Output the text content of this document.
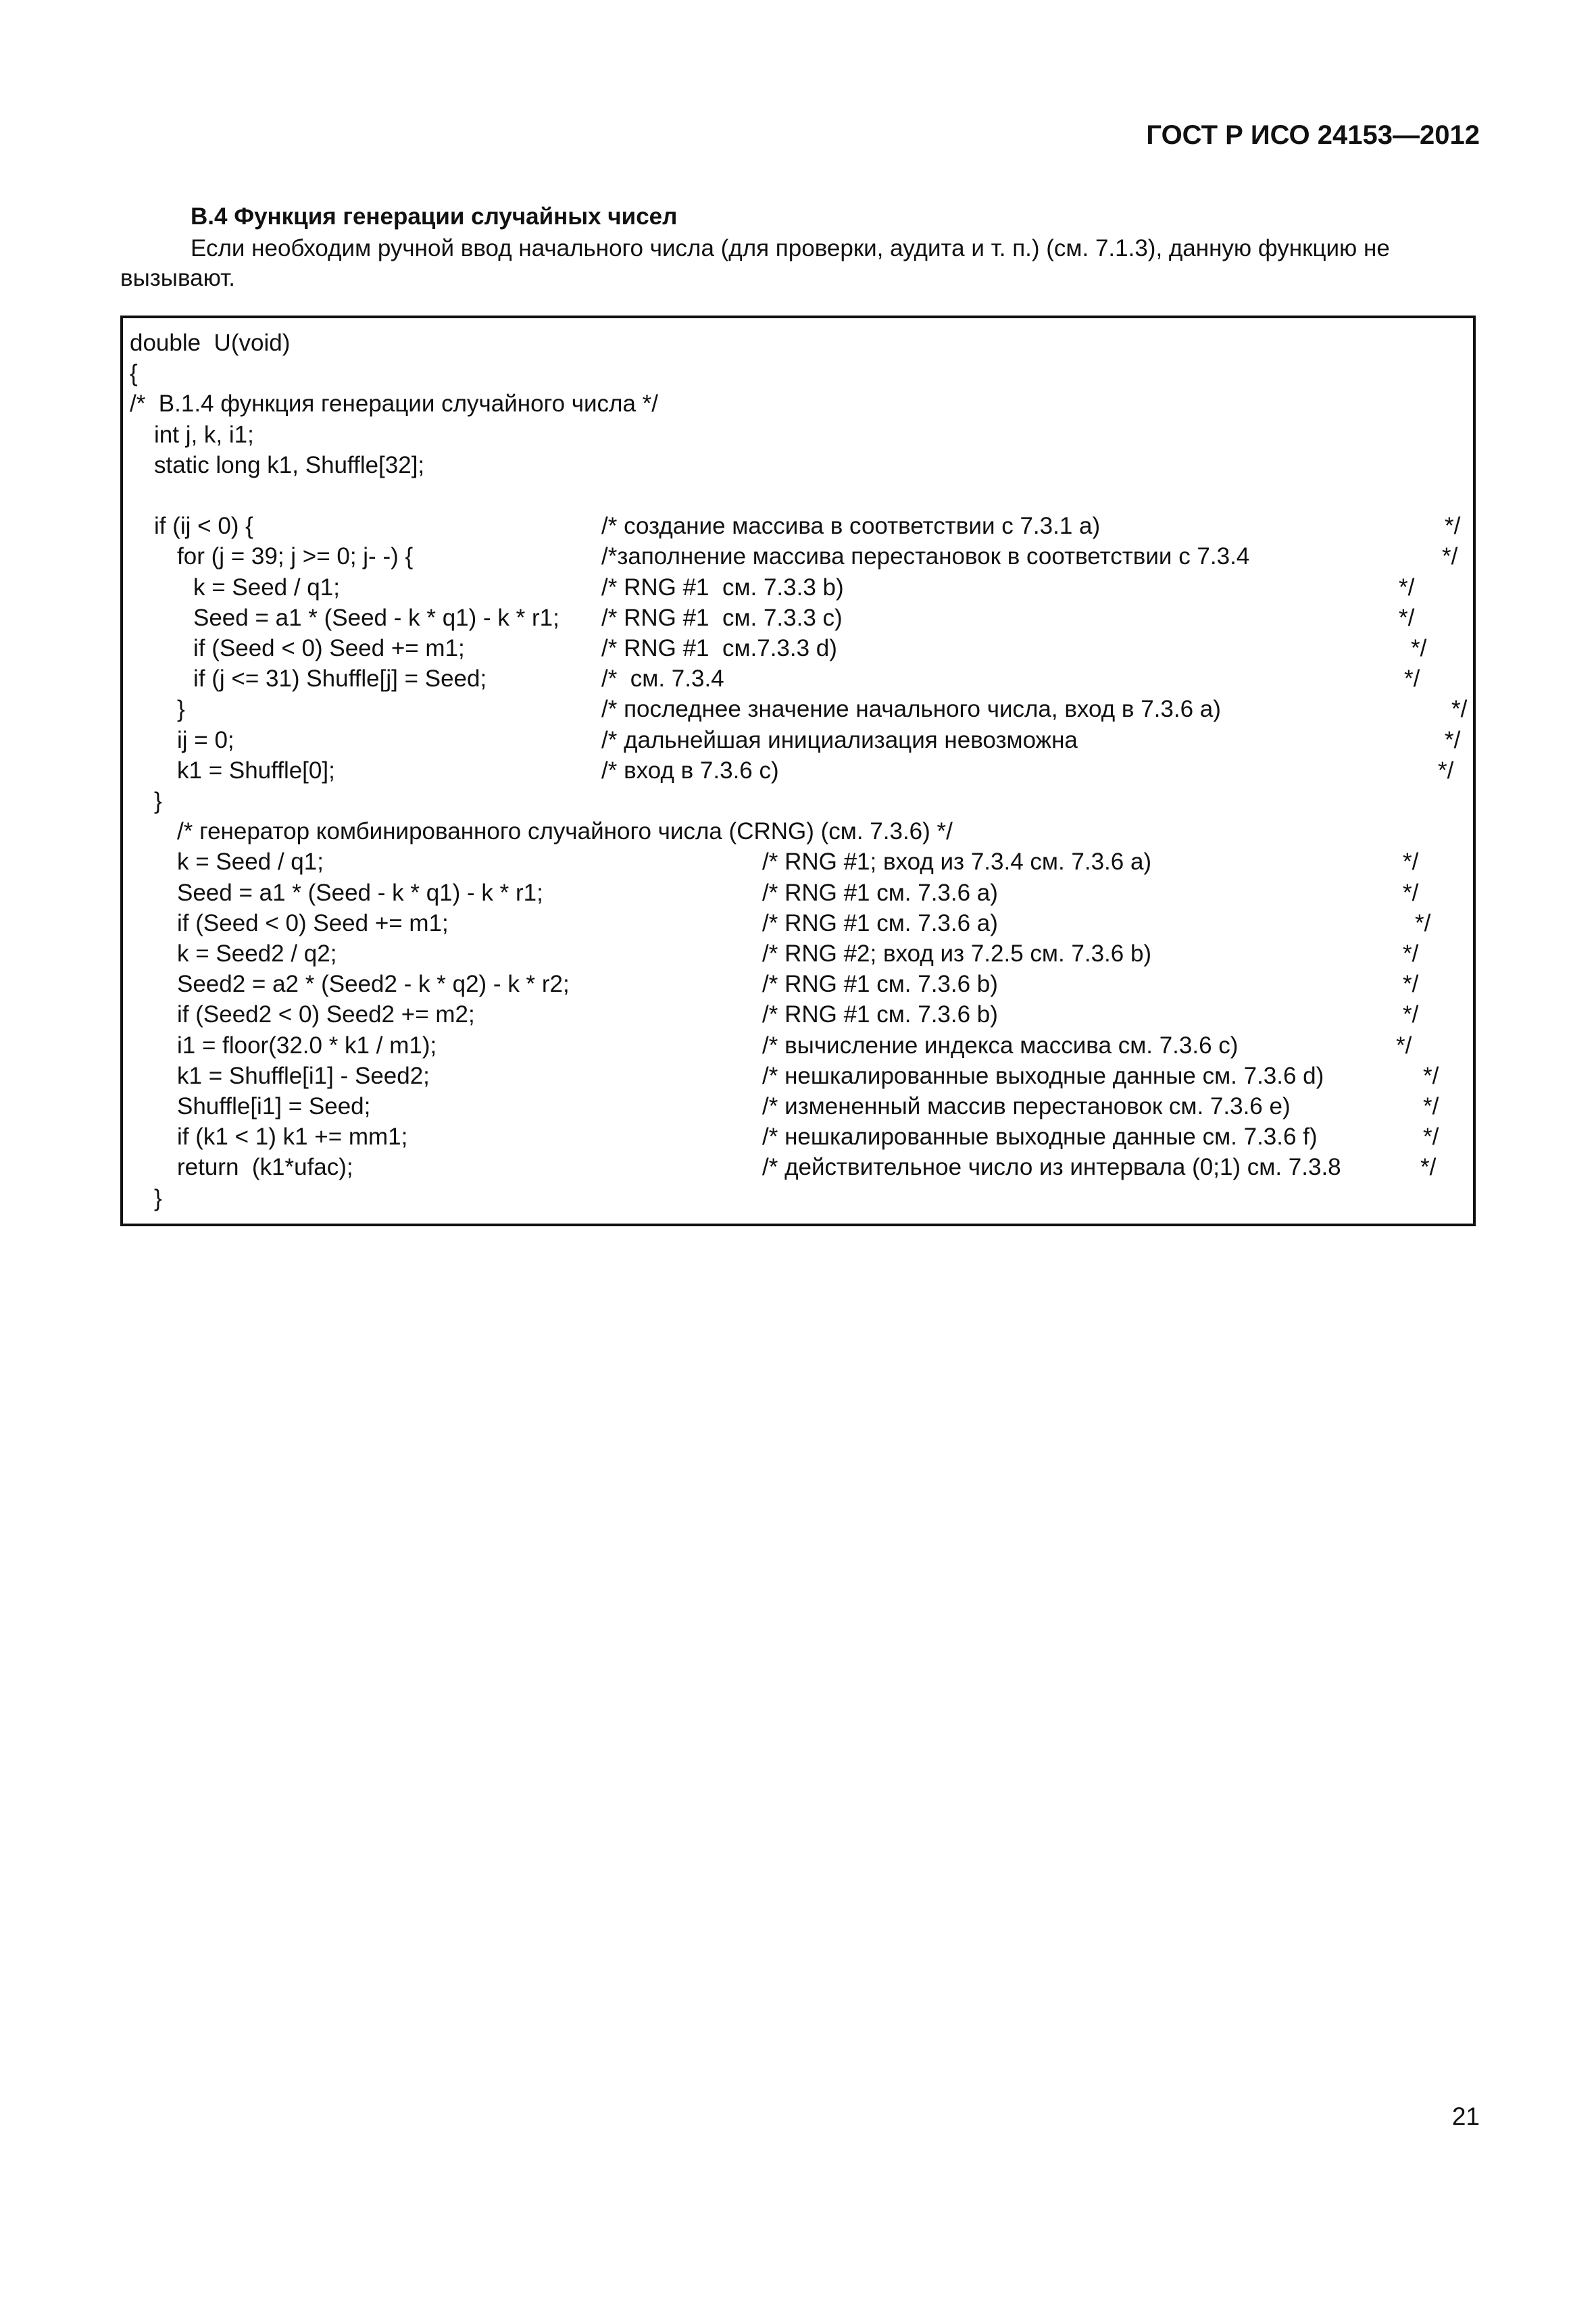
ГОСТ Р ИСО 24153—2012
В.4 Функция генерации случайных чисел
Если необходим ручной ввод начального числа (для проверки, аудита и т. п.) (см. 7.1.3), данную функцию не вызывают.
double  U(void)
{
/*  В.1.4 функция генерации случайного числа */
int j, k, i1;
static long k1, Shuffle[32];
if (ij < 0) {	/* создание массива в соответствии с 7.3.1 a)	*/
for (j = 39; j >= 0; j- -) {	/*заполнение массива перестановок в соответствии с 7.3.4	*/
k = Seed / q1;	/* RNG #1  см. 7.3.3 b)	*/
Seed = a1 * (Seed - k * q1) - k * r1; /* RNG #1  см. 7.3.3 c)	*/
if (Seed < 0) Seed += m1;	/* RNG #1  см.7.3.3 d)	*/
if (j <= 31) Shuffle[j] = Seed;	/*  см. 7.3.4	*/
}	/* последнее значение начального числа, вход в 7.3.6 a)	*/
ij = 0;	/* дальнейшая инициализация невозможна	*/
k1 = Shuffle[0];	/* вход в 7.3.6 c)	*/
}
/* генератор комбинированного случайного числа (CRNG) (см. 7.3.6) */
k = Seed / q1;	/* RNG #1; вход из 7.3.4 см. 7.3.6 a)	*/
Seed = a1 * (Seed - k * q1) - k * r1;	/* RNG #1 см. 7.3.6 a)	*/
if (Seed < 0) Seed += m1;	/* RNG #1 см. 7.3.6 a)	*/
k = Seed2 / q2;	/* RNG #2; вход из 7.2.5 см. 7.3.6 b)	*/
Seed2 = a2 * (Seed2 - k * q2) - k * r2;	/* RNG #1 см. 7.3.6 b)	*/
if (Seed2 < 0) Seed2 += m2;	/* RNG #1 см. 7.3.6 b)	*/
i1 = floor(32.0 * k1 / m1);	/* вычисление индекса массива см. 7.3.6 c)	*/
k1 = Shuffle[i1] - Seed2;	/* нешкалированные выходные данные см. 7.3.6 d)	*/
Shuffle[i1] = Seed;	/* измененный массив перестановок см. 7.3.6 e)	*/
if (k1 < 1) k1 += mm1;	/* нешкалированные выходные данные см. 7.3.6 f)	*/
return  (k1*ufac);	/* действительное число из интервала (0;1) см. 7.3.8	*/
}
21
